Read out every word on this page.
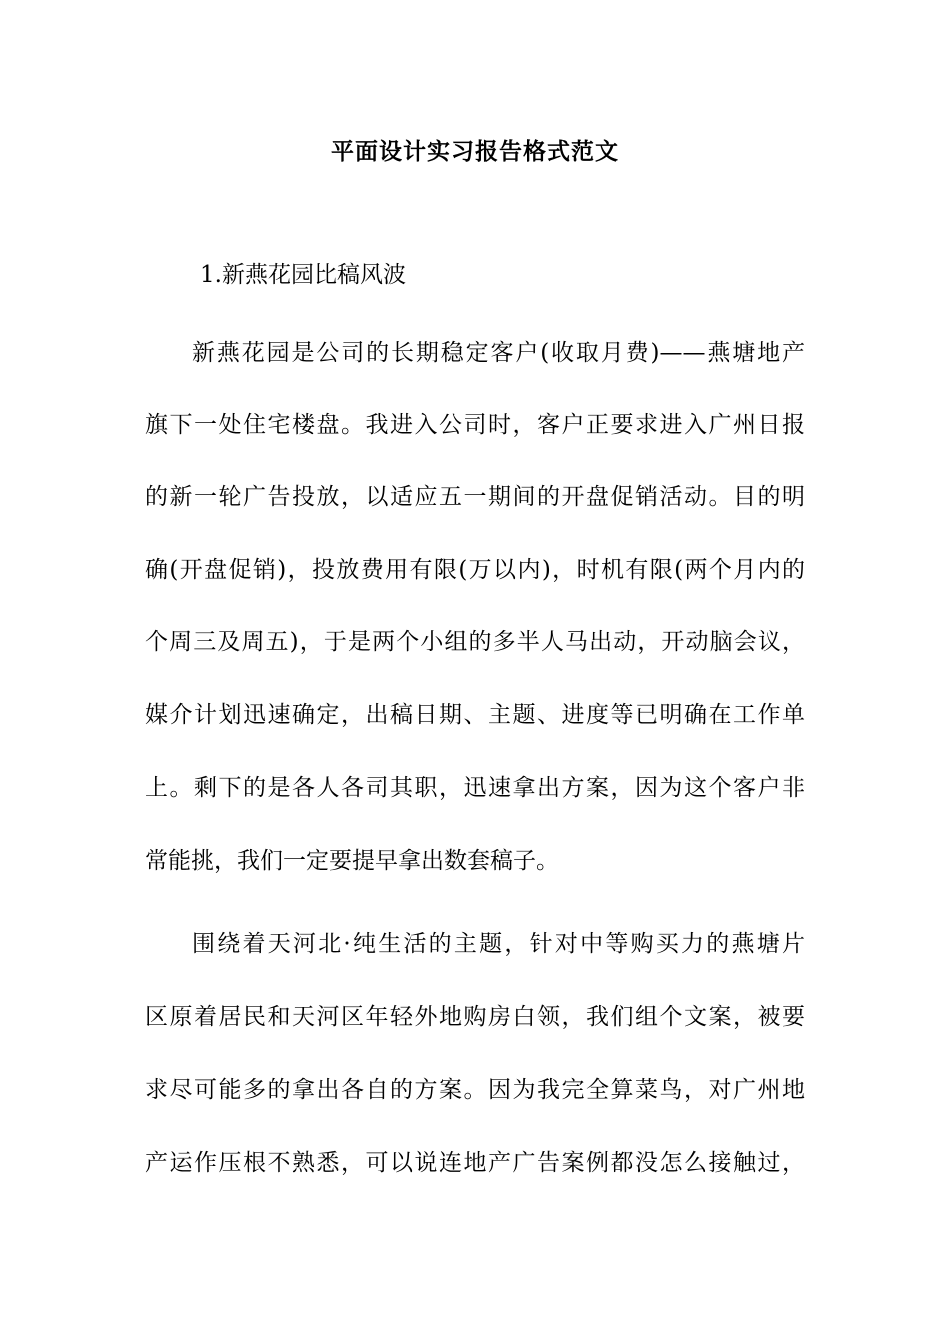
平面设计实习报告格式范文

1.新燕花园比稿风波

新燕花园是公司的长期稳定客户(收取月费)——燕塘地产

旗下一处住宅楼盘。我进入公司时，客户正要求进入广州日报

的新一轮广告投放，以适应五一期间的开盘促销活动。目的明

确(开盘促销)，投放费用有限(万以内)，时机有限(两个月内的

个周三及周五)，于是两个小组的多半人马出动，开动脑会议，

媒介计划迅速确定，出稿日期、主题、进度等已明确在工作单

上。剩下的是各人各司其职，迅速拿出方案，因为这个客户非

常能挑，我们一定要提早拿出数套稿子。

围绕着天河北·纯生活的主题，针对中等购买力的燕塘片

区原着居民和天河区年轻外地购房白领，我们组个文案，被要

求尽可能多的拿出各自的方案。因为我完全算菜鸟，对广州地

产运作压根不熟悉，可以说连地产广告案例都没怎么接触过，
